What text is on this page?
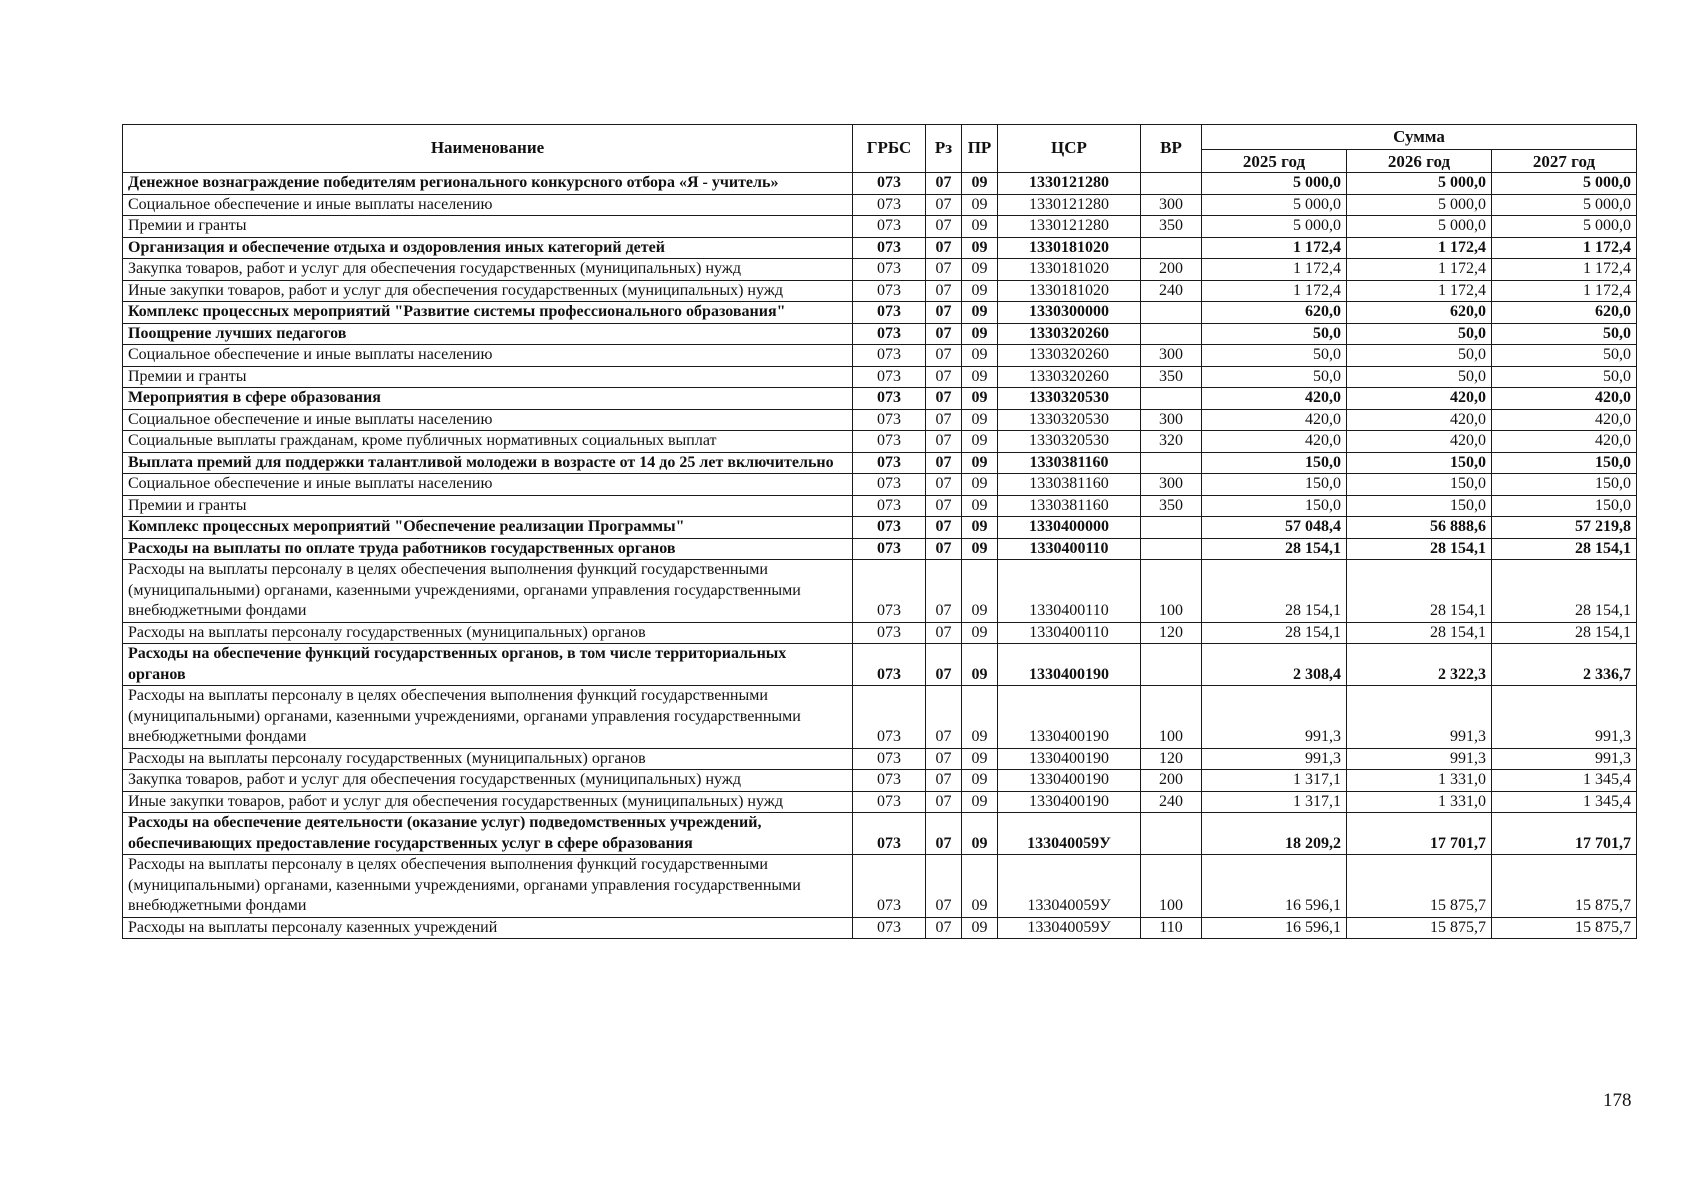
Наименование	ГРБС	Рз	ПР	ЦСР	ВР	Сумма		
						2025 год	2026 год	2027 год
Денежное вознаграждение победителям регионального конкурсного отбора «Я - учитель»	073	07	09	1330121280		5 000,0	5 000,0	5 000,0
Социальное обеспечение и иные выплаты населению	073	07	09	1330121280	300	5 000,0	5 000,0	5 000,0
Премии и гранты	073	07	09	1330121280	350	5 000,0	5 000,0	5 000,0
Организация и обеспечение отдыха и оздоровления иных категорий детей	073	07	09	1330181020		1 172,4	1 172,4	1 172,4
Закупка товаров, работ и услуг для обеспечения государственных (муниципальных) нужд	073	07	09	1330181020	200	1 172,4	1 172,4	1 172,4
Иные закупки товаров, работ и услуг для обеспечения государственных (муниципальных) нужд	073	07	09	1330181020	240	1 172,4	1 172,4	1 172,4
Комплекс процессных мероприятий "Развитие системы профессионального образования"	073	07	09	1330300000		620,0	620,0	620,0
Поощрение лучших педагогов	073	07	09	1330320260		50,0	50,0	50,0
Социальное обеспечение и иные выплаты населению	073	07	09	1330320260	300	50,0	50,0	50,0
Премии и гранты	073	07	09	1330320260	350	50,0	50,0	50,0
Мероприятия в сфере образования	073	07	09	1330320530		420,0	420,0	420,0
Социальное обеспечение и иные выплаты населению	073	07	09	1330320530	300	420,0	420,0	420,0
Социальные выплаты гражданам, кроме публичных нормативных социальных выплат	073	07	09	1330320530	320	420,0	420,0	420,0
Выплата премий для поддержки талантливой молодежи в возрасте от 14 до 25 лет включительно	073	07	09	1330381160		150,0	150,0	150,0
Социальное обеспечение и иные выплаты населению	073	07	09	1330381160	300	150,0	150,0	150,0
Премии и гранты	073	07	09	1330381160	350	150,0	150,0	150,0
Комплекс процессных мероприятий "Обеспечение реализации Программы"	073	07	09	1330400000		57 048,4	56 888,6	57 219,8
Расходы на выплаты по оплате труда работников государственных органов	073	07	09	1330400110		28 154,1	28 154,1	28 154,1
Расходы на выплаты персоналу в целях обеспечения выполнения функций государственными (муниципальными) органами, казенными учреждениями, органами управления государственными внебюджетными фондами	073	07	09	1330400110	100	28 154,1	28 154,1	28 154,1
Расходы на выплаты персоналу государственных (муниципальных) органов	073	07	09	1330400110	120	28 154,1	28 154,1	28 154,1
Расходы на обеспечение функций государственных органов, в том числе территориальных органов	073	07	09	1330400190		2 308,4	2 322,3	2 336,7
Расходы на выплаты персоналу в целях обеспечения выполнения функций государственными (муниципальными) органами, казенными учреждениями, органами управления государственными внебюджетными фондами	073	07	09	1330400190	100	991,3	991,3	991,3
Расходы на выплаты персоналу государственных (муниципальных) органов	073	07	09	1330400190	120	991,3	991,3	991,3
Закупка товаров, работ и услуг для обеспечения государственных (муниципальных) нужд	073	07	09	1330400190	200	1 317,1	1 331,0	1 345,4
Иные закупки товаров, работ и услуг для обеспечения государственных (муниципальных) нужд	073	07	09	1330400190	240	1 317,1	1 331,0	1 345,4
Расходы на обеспечение деятельности (оказание услуг) подведомственных учреждений, обеспечивающих предоставление государственных услуг в сфере образования	073	07	09	133040059У		18 209,2	17 701,7	17 701,7
Расходы на выплаты персоналу в целях обеспечения выполнения функций государственными (муниципальными) органами, казенными учреждениями, органами управления государственными внебюджетными фондами	073	07	09	133040059У	100	16 596,1	15 875,7	15 875,7
Расходы на выплаты персоналу казенных учреждений	073	07	09	133040059У	110	16 596,1	15 875,7	15 875,7
178
